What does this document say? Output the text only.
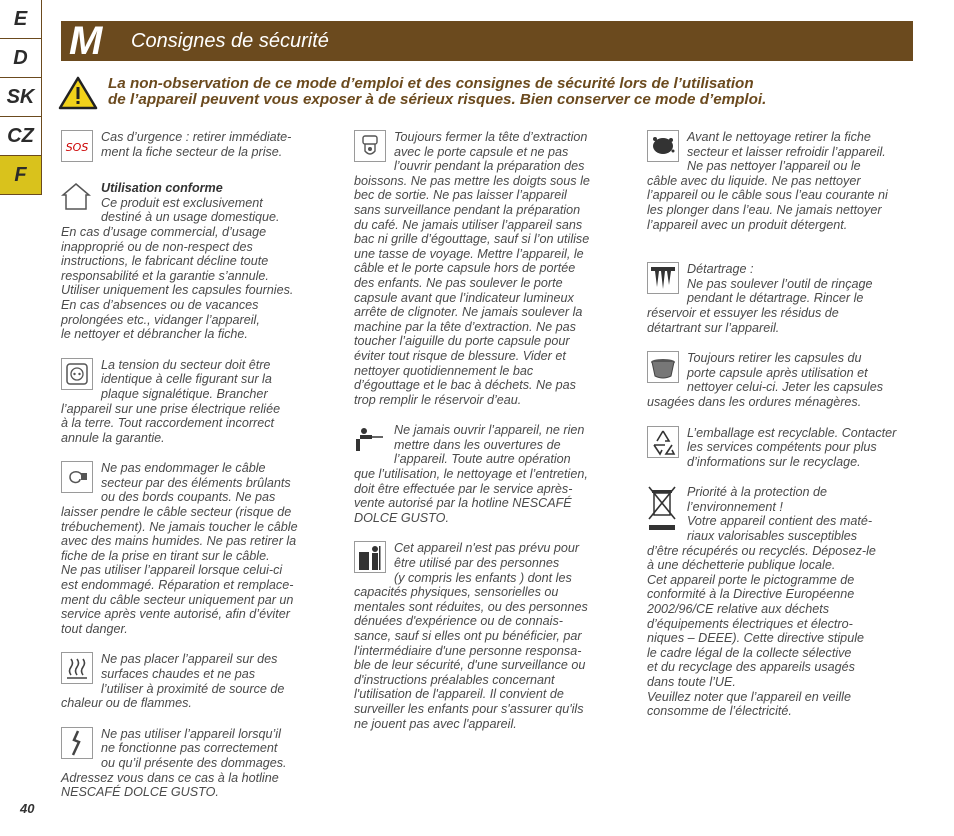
E
D
SK
CZ
F
M	Consignes de sécurité
La non-observation de ce mode d’emploi et des consignes de sécurité lors de l’utilisation
de l’appareil peuvent vous exposer à de sérieux risques. Bien conserver ce mode d’emploi.
SOS

Cas d’urgence : retirer immédiate-

ment la fiche secteur de la prise.

Utilisation conforme

Ce produit est exclusivement

destiné à un usage domestique.

En cas d’usage commercial, d’usage

inapproprié ou de non-respect des

instructions, le fabricant décline toute

responsabilité et la garantie s’annule.

Utiliser uniquement les capsules fournies.

En cas d’absences ou de vacances

prolongées etc., vidanger l’appareil,

le nettoyer et débrancher la fiche.

La tension du secteur doit être

identique à celle figurant sur la

plaque signalétique. Brancher

l’appareil sur une prise électrique reliée

à la terre. Tout raccordement incorrect

annule la garantie.

Ne pas endommager le câble

secteur par des éléments brûlants

ou des bords coupants. Ne pas

laisser pendre le câble secteur (risque de

trébuchement). Ne jamais toucher le câble

avec des mains humides. Ne pas retirer la

fiche de la prise en tirant sur le câble.

Ne pas utiliser l’appareil lorsque celui-ci

est endommagé. Réparation et remplace-

ment du câble secteur uniquement par un

service après vente autorisé, afin d’éviter

tout danger.

Ne pas placer l’appareil sur des

surfaces chaudes et ne pas

l’utiliser à proximité de source de

chaleur ou de flammes.

Ne pas utiliser l’appareil lorsqu’il

ne fonctionne pas correctement

ou qu’il présente des dommages.

Adressez vous dans ce cas à la hotline

NESCAFÉ DOLCE GUSTO.

Toujours fermer la tête d’extraction

avec le porte capsule et ne pas

l’ouvrir pendant la préparation des

boissons. Ne pas mettre les doigts sous le

bec de sortie. Ne pas laisser l’appareil

sans surveillance pendant la préparation

du café. Ne jamais utiliser l’appareil sans

bac ni grille d’égouttage, sauf si l’on utilise

une tasse de voyage. Mettre l’appareil, le

câble et le porte capsule hors de portée

des enfants. Ne pas soulever le porte

capsule avant que l’indicateur lumineux

arrête de clignoter. Ne jamais soulever la

machine par la tête d’extraction. Ne pas

toucher l’aiguille du porte capsule pour

éviter tout risque de blessure. Vider et

nettoyer quotidiennement le bac

d’égouttage et le bac à déchets. Ne pas

trop remplir le réservoir d’eau.

Ne jamais ouvrir l’appareil, ne rien

mettre dans les ouvertures de

l’appareil. Toute autre opération

que l’utilisation, le nettoyage et l’entretien,

doit être effectuée par le service après-

vente autorisé par la hotline NESCAFÉ

DOLCE GUSTO.

Cet appareil n'est pas prévu pour

être utilisé par des personnes

(y compris les enfants ) dont les

capacités physiques, sensorielles ou

mentales sont réduites, ou des personnes

dénuées d'expérience ou de connais-

sance, sauf si elles ont pu bénéficier, par

l'intermédiaire d'une personne responsa-

ble de leur sécurité, d'une surveillance ou

d'instructions préalables concernant

l'utilisation de l'appareil. Il convient de

surveiller les enfants pour s'assurer qu'ils

ne jouent pas avec l'appareil.

Avant le nettoyage retirer la fiche

secteur et laisser refroidir l’appareil.

Ne pas nettoyer l’appareil ou le

câble avec du liquide. Ne pas nettoyer

l’appareil ou le câble sous l’eau courante ni

les plonger dans l’eau. Ne jamais nettoyer

l’appareil avec un produit détergent.

Détartrage :

Ne pas soulever l’outil de rinçage

pendant le détartrage. Rincer le

réservoir et essuyer les résidus de

détartrant sur l’appareil.

Toujours retirer les capsules du

porte capsule après utilisation et

nettoyer celui-ci. Jeter les capsules

usagées dans les ordures ménagères.

L’emballage est recyclable. Contacter

les services compétents pour plus

d’informations sur le recyclage.

Priorité à la protection de

l’environnement !

Votre appareil contient des maté-

riaux valorisables susceptibles

d’être récupérés ou recyclés. Déposez-le

à une déchetterie publique locale.

Cet appareil porte le pictogramme de

conformité à la Directive Européenne

2002/96/CE relative aux déchets

d’équipements électriques et électro-

niques – DEEE). Cette directive stipule

le cadre légal de la collecte sélective

et du recyclage des appareils usagés

dans toute l’UE.

Veuillez noter que l’appareil en veille

consomme de l’électricité.

40
